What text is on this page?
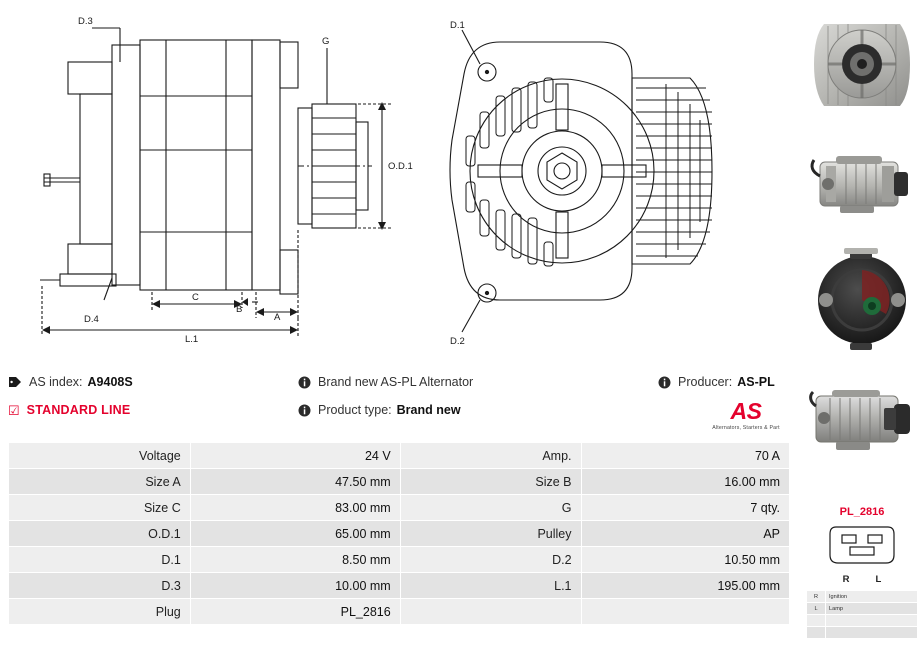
D.3
D.4
G
O.D.1
A
B
C
L.1
D.1
D.2
AS index: A9408S	Brand new AS-PL Alternator	Producer: AS-PL
☑ STANDARD LINE	Product type: Brand new	AS
Alternators, Starters & Part
Voltage	24 V	Amp.	70 A
Size A	47.50 mm	Size B	16.00 mm
Size C	83.00 mm	G	7 qty.
O.D.1	65.00 mm	Pulley	AP
D.1	8.50 mm	D.2	10.50 mm
D.3	10.00 mm	L.1	195.00 mm
Plug	PL_2816		
PL_2816
R	L
R	Ignition
L	Lamp
